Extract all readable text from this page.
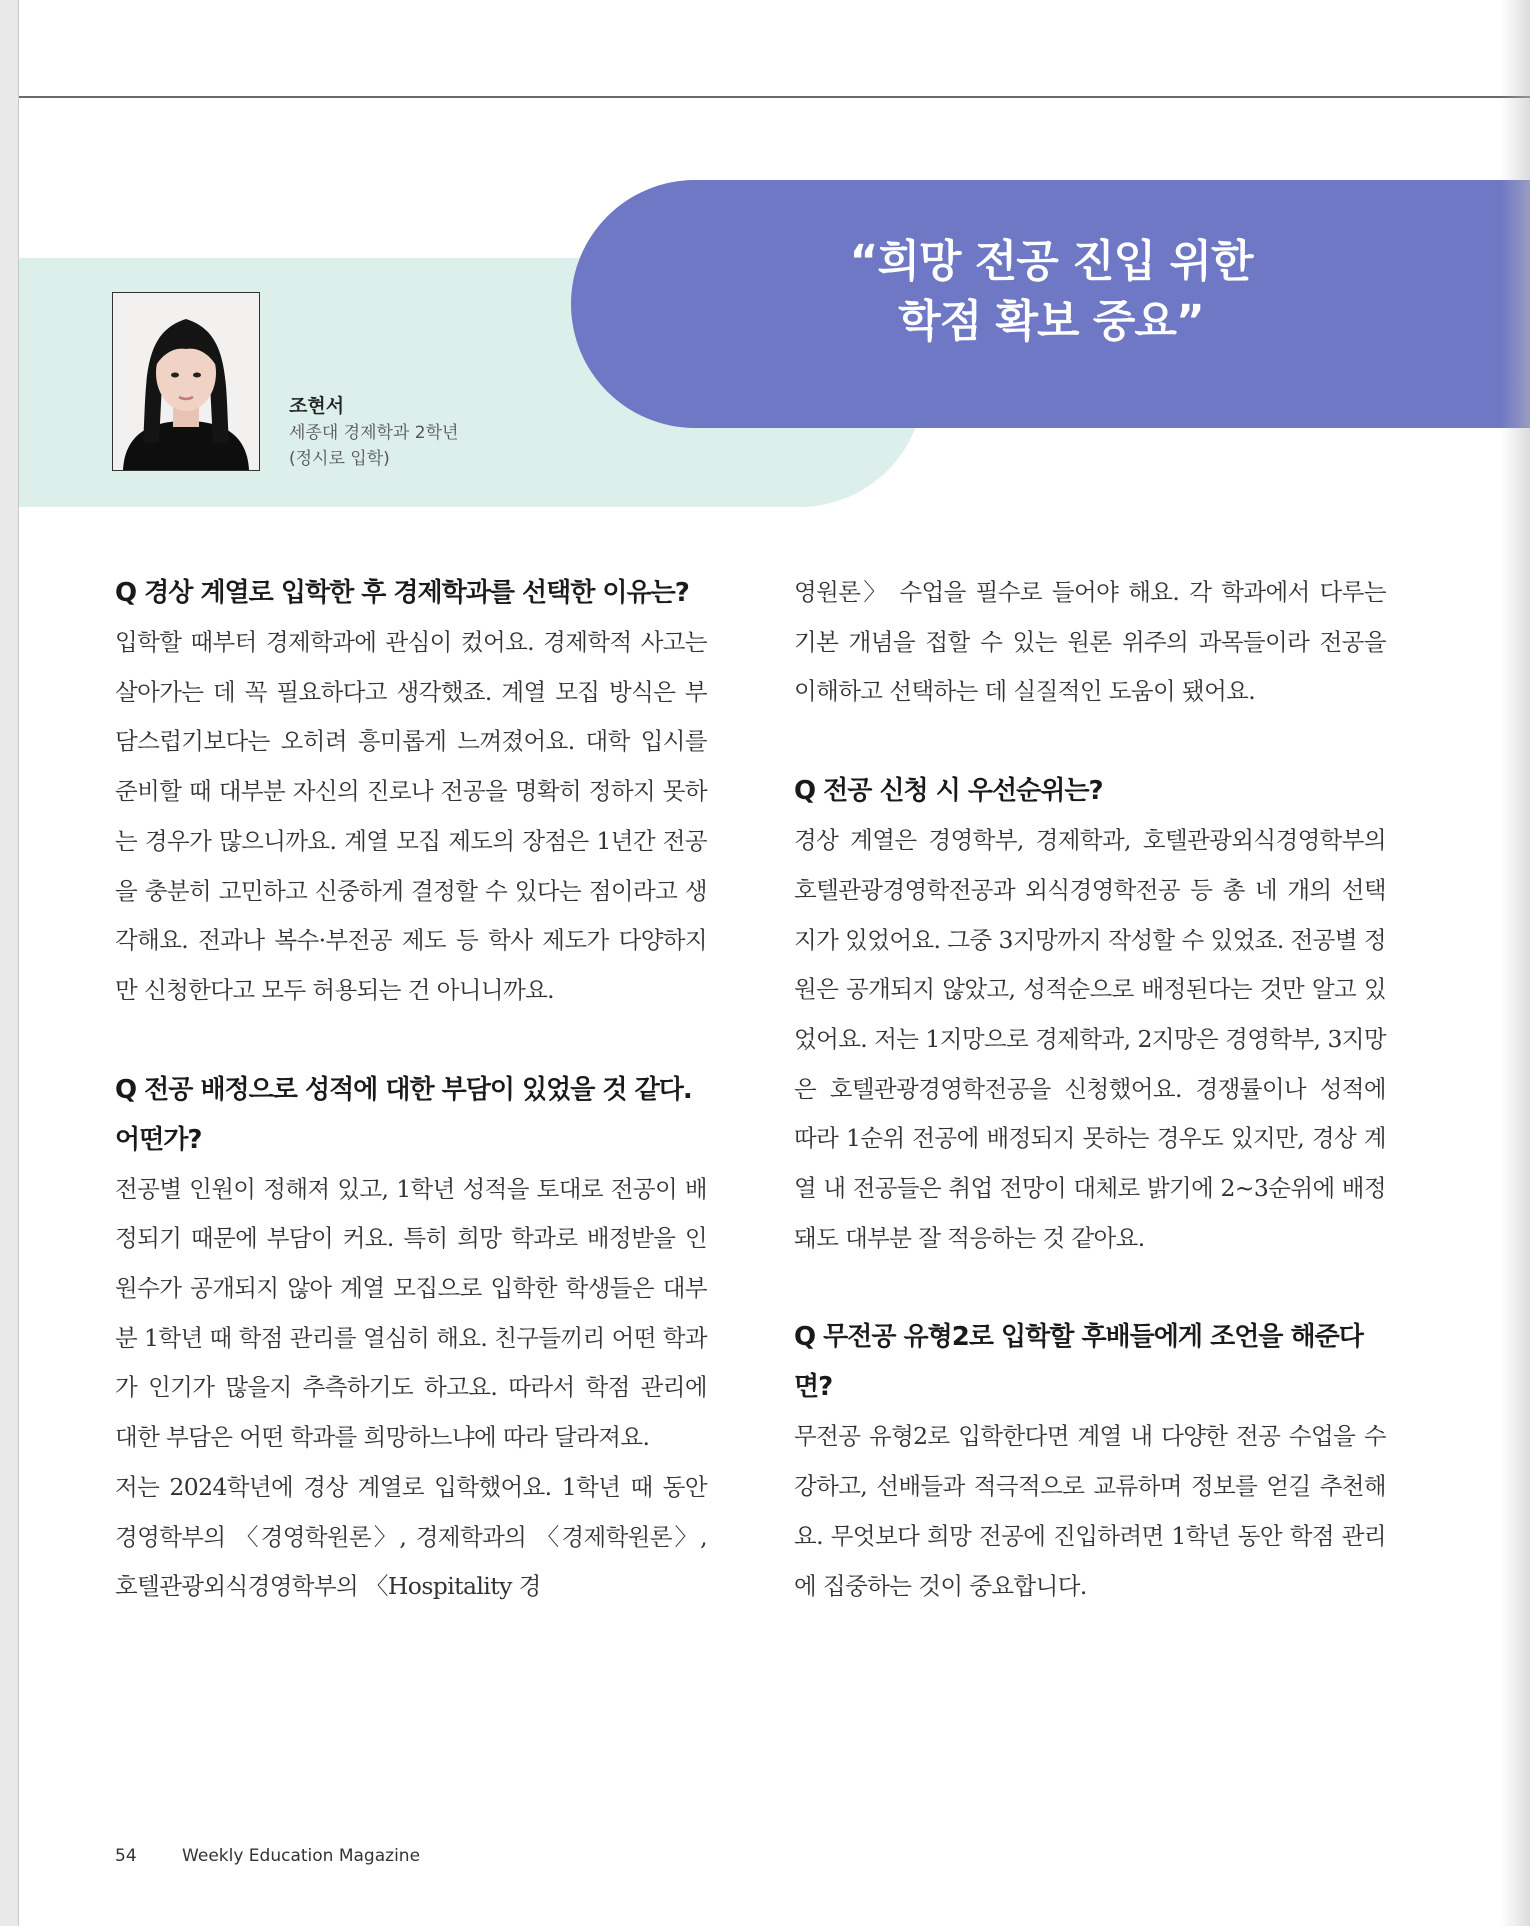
“희망 전공 진입 위한
학점 확보 중요”
조현서
세종대 경제학과 2학년
(정시로 입학)
Q 경상 계열로 입학한 후 경제학과를 선택한 이유는?

입학할 때부터 경제학과에 관심이 컸어요. 경제학적 사고는 살아가는 데 꼭 필요하다고 생각했죠. 계열 모집 방식은 부담스럽기보다는 오히려 흥미롭게 느껴졌어요. 대학 입시를 준비할 때 대부분 자신의 진로나 전공을 명확히 정하지 못하는 경우가 많으니까요. 계열 모집 제도의 장점은 1년간 전공을 충분히 고민하고 신중하게 결정할 수 있다는 점이라고 생각해요. 전과나 복수·부전공 제도 등 학사 제도가 다양하지만 신청한다고 모두 허용되는 건 아니니까요.

Q 전공 배정으로 성적에 대한 부담이 있었을 것 같다. 어떤가?

전공별 인원이 정해져 있고, 1학년 성적을 토대로 전공이 배정되기 때문에 부담이 커요. 특히 희망 학과로 배정받을 인원수가 공개되지 않아 계열 모집으로 입학한 학생들은 대부분 1학년 때 학점 관리를 열심히 해요. 친구들끼리 어떤 학과가 인기가 많을지 추측하기도 하고요. 따라서 학점 관리에 대한 부담은 어떤 학과를 희망하느냐에 따라 달라져요.

저는 2024학년에 경상 계열로 입학했어요. 1학년 때 동안 경영학부의 〈경영학원론〉, 경제학과의 〈경제학원론〉, 호텔관광외식경영학부의 〈Hospitality 경

영원론〉 수업을 필수로 들어야 해요. 각 학과에서 다루는 기본 개념을 접할 수 있는 원론 위주의 과목들이라 전공을 이해하고 선택하는 데 실질적인 도움이 됐어요.

Q 전공 신청 시 우선순위는?

경상 계열은 경영학부, 경제학과, 호텔관광외식경영학부의 호텔관광경영학전공과 외식경영학전공 등 총 네 개의 선택지가 있었어요. 그중 3지망까지 작성할 수 있었죠. 전공별 정원은 공개되지 않았고, 성적순으로 배정된다는 것만 알고 있었어요. 저는 1지망으로 경제학과, 2지망은 경영학부, 3지망은 호텔관광경영학전공을 신청했어요. 경쟁률이나 성적에 따라 1순위 전공에 배정되지 못하는 경우도 있지만, 경상 계열 내 전공들은 취업 전망이 대체로 밝기에 2~3순위에 배정돼도 대부분 잘 적응하는 것 같아요.

Q 무전공 유형2로 입학할 후배들에게 조언을 해준다면?

무전공 유형2로 입학한다면 계열 내 다양한 전공 수업을 수강하고, 선배들과 적극적으로 교류하며 정보를 얻길 추천해요. 무엇보다 희망 전공에 진입하려면 1학년 동안 학점 관리에 집중하는 것이 중요합니다.

54	Weekly Education Magazine
